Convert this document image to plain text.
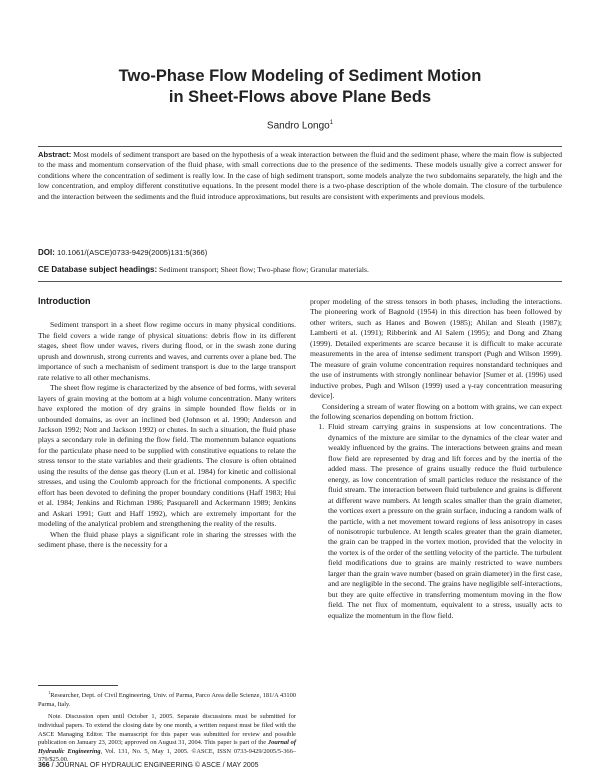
Two-Phase Flow Modeling of Sediment Motion
in Sheet-Flows above Plane Beds
Sandro Longo$^1$
Abstract: Most models of sediment transport are based on the hypothesis of a weak interaction between the fluid and the sediment phase, where the main flow is subjected to the mass and momentum conservation of the fluid phase, with small corrections due to the presence of the sediments. These models usually give a correct answer for conditions where the concentration of sediment is really low. In the case of high sediment transport, some models analyze the two subdomains separately, the high and the low concentration, and employ different constitutive equations. In the present model there is a two-phase description of the whole domain. The closure of the turbulence and the interaction between the sediments and the fluid introduce approximations, but results are consistent with experiments and previous models.
DOI: 10.1061/(ASCE)0733-9429(2005)131:5(366)
CE Database subject headings: Sediment transport; Sheet flow; Two-phase flow; Granular materials.
Introduction

Sediment transport in a sheet flow regime occurs in many physical conditions. The field covers a wide range of physical situations: debris flow in its different stages, sheet flow under waves, rivers during flood, or in the swash zone during uprush and downrush, strong currents and waves, and currents over a plane bed. The importance of such a mechanism of sediment transport is due to the large transport rate relative to all other mechanisms.

The sheet flow regime is characterized by the absence of bed forms, with several layers of grain moving at the bottom at a high volume concentration. Many writers have explored the motion of dry grains in simple bounded flow fields or in unbounded domains, as over an inclined bed (Johnson et al. 1990; Anderson and Jackson 1992; Nott and Jackson 1992) or chutes. In such a situation, the fluid phase plays a secondary role in defining the flow field. The momentum balance equations for the particulate phase need to be supplied with constitutive equations to relate the stress tensor to the state variables and their gradients. The closure is often obtained using the results of the dense gas theory (Lun et al. 1984) for kinetic and collisional stresses, and using the Coulomb approach for the frictional components. A specific effort has been devoted to defining the proper boundary conditions (Haff 1983; Hui et al. 1984; Jenkins and Richman 1986; Pasquarell and Ackermann 1989; Jenkins and Askari 1991; Gutt and Haff 1992), which are extremely important for the modeling of the analytical problem and strengthening the reality of the results.

When the fluid phase plays a significant role in sharing the stresses with the sediment phase, there is the necessity for a

proper modeling of the stress tensors in both phases, including the interactions. The pioneering work of Bagnold (1954) in this direction has been followed by other writers, such as Hanes and Bowen (1985); Ahilan and Sleath (1987); Lamberti et al. (1991); Ribberink and Al Salem (1995); and Dong and Zhang (1999). Detailed experiments are scarce because it is difficult to make accurate measurements in the area of intense sediment transport (Pugh and Wilson 1999). The measure of grain volume concentration requires nonstandard techniques and the use of instruments with strongly nonlinear behavior [Sumer et al. (1996) used inductive probes, Pugh and Wilson (1999) used a γ-ray concentration measuring device].

Considering a stream of water flowing on a bottom with grains, we can expect the following scenarios depending on bottom friction.

1. Fluid stream carrying grains in suspensions at low concentrations. The dynamics of the mixture are similar to the dynamics of the clear water and weakly influenced by the grains. The interactions between grains and mean flow field are represented by drag and lift forces and by the inertia of the added mass. The presence of grains usually reduce the fluid turbulence energy, as low concentration of small particles reduce the resistance of the fluid stream. The interaction between fluid turbulence and grains is different at different wave numbers. At length scales smaller than the grain diameter, the vortices exert a pressure on the grain surface, inducing a random walk of the particle, with a net movement toward regions of less anisotropy in cases of nonisotropic turbulence. At length scales greater than the grain diameter, the grain can be trapped in the vortex motion, provided that the velocity in the vortex is of the order of the settling velocity of the particle. The turbulent field modifications due to grains are mainly restricted to wave numbers larger than the grain wave number (based on grain diameter) in the first case, and are negligible in the second. The grains have negligible self-interactions, but they are quite effective in transferring momentum moving in the flow field. The net flux of momentum, equivalent to a stress, usually acts to equalize the momentum in the flow field.

$^1$Researcher, Dept. of Civil Engineering, Univ. of Parma, Parco Area delle Scienze, 181/A 43100 Parma, Italy.

Note. Discussion open until October 1, 2005. Separate discussions must be submitted for individual papers. To extend the closing date by one month, a written request must be filed with the ASCE Managing Editor. The manuscript for this paper was submitted for review and possible publication on January 23, 2003; approved on August 31, 2004. This paper is part of the Journal of Hydraulic Engineering, Vol. 131, No. 5, May 1, 2005. ©ASCE, ISSN 0733-9429/2005/5-366–379/$25.00.

366 / JOURNAL OF HYDRAULIC ENGINEERING © ASCE / MAY 2005
